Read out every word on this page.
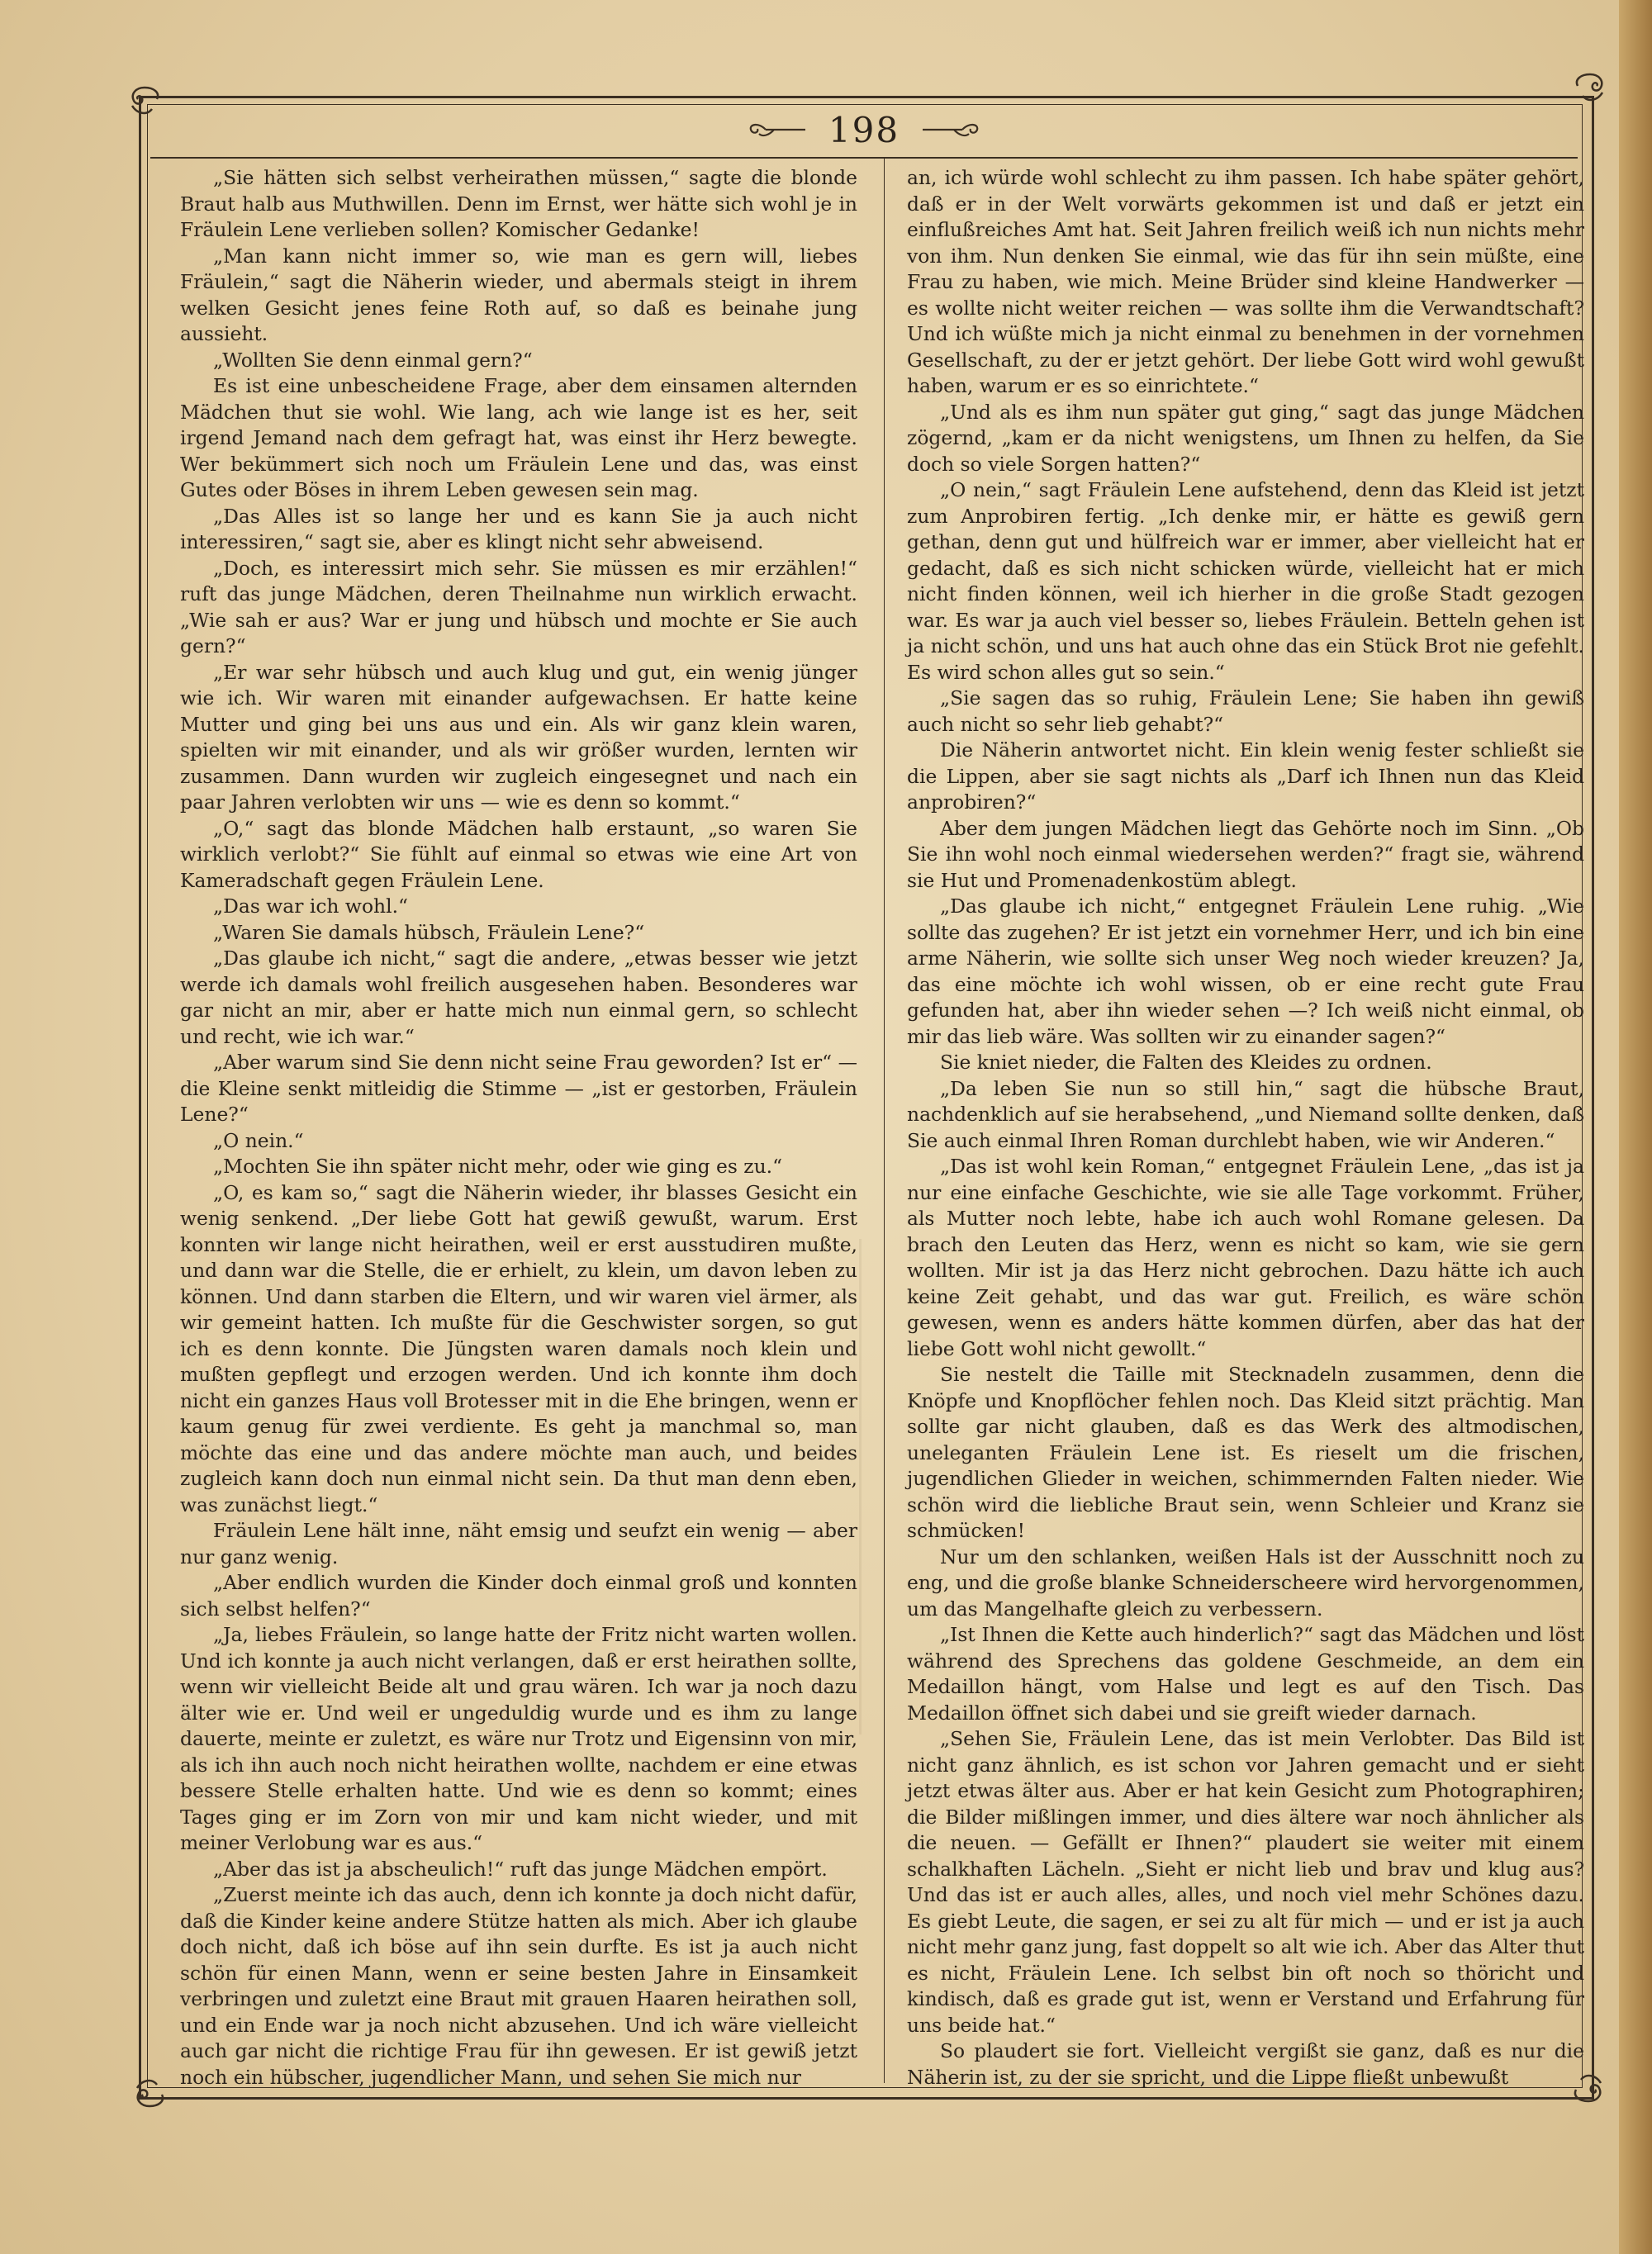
198

„Sie hätten sich selbst verheirathen müssen,“ sagte die blonde Braut halb aus Muthwillen. Denn im Ernst, wer hätte sich wohl je in Fräulein Lene verlieben sollen? Komischer Gedanke!

„Man kann nicht immer so, wie man es gern will, liebes Fräulein,“ sagt die Näherin wieder, und abermals steigt in ihrem welken Gesicht jenes feine Roth auf, so daß es beinahe jung aussieht.

„Wollten Sie denn einmal gern?“

Es ist eine unbescheidene Frage, aber dem einsamen alternden Mädchen thut sie wohl. Wie lang, ach wie lange ist es her, seit irgend Jemand nach dem gefragt hat, was einst ihr Herz bewegte. Wer bekümmert sich noch um Fräulein Lene und das, was einst Gutes oder Böses in ihrem Leben gewesen sein mag.

„Das Alles ist so lange her und es kann Sie ja auch nicht interessiren,“ sagt sie, aber es klingt nicht sehr abweisend.

„Doch, es interessirt mich sehr. Sie müssen es mir erzählen!“ ruft das junge Mädchen, deren Theilnahme nun wirklich erwacht. „Wie sah er aus? War er jung und hübsch und mochte er Sie auch gern?“

„Er war sehr hübsch und auch klug und gut, ein wenig jünger wie ich. Wir waren mit einander aufgewachsen. Er hatte keine Mutter und ging bei uns aus und ein. Als wir ganz klein waren, spielten wir mit einander, und als wir größer wurden, lernten wir zusammen. Dann wurden wir zugleich eingesegnet und nach ein paar Jahren verlobten wir uns — wie es denn so kommt.“

„O,“ sagt das blonde Mädchen halb erstaunt, „so waren Sie wirklich verlobt?“ Sie fühlt auf einmal so etwas wie eine Art von Kameradschaft gegen Fräulein Lene.

„Das war ich wohl.“

„Waren Sie damals hübsch, Fräulein Lene?“

„Das glaube ich nicht,“ sagt die andere, „etwas besser wie jetzt werde ich damals wohl freilich ausgesehen haben. Besonderes war gar nicht an mir, aber er hatte mich nun einmal gern, so schlecht und recht, wie ich war.“

„Aber warum sind Sie denn nicht seine Frau geworden? Ist er“ — die Kleine senkt mitleidig die Stimme — „ist er gestorben, Fräulein Lene?“

„O nein.“

„Mochten Sie ihn später nicht mehr, oder wie ging es zu.“

„O, es kam so,“ sagt die Näherin wieder, ihr blasses Gesicht ein wenig senkend. „Der liebe Gott hat gewiß gewußt, warum. Erst konnten wir lange nicht heirathen, weil er erst ausstudiren mußte, und dann war die Stelle, die er erhielt, zu klein, um davon leben zu können. Und dann starben die Eltern, und wir waren viel ärmer, als wir gemeint hatten. Ich mußte für die Geschwister sorgen, so gut ich es denn konnte. Die Jüngsten waren damals noch klein und mußten gepflegt und erzogen werden. Und ich konnte ihm doch nicht ein ganzes Haus voll Brotesser mit in die Ehe bringen, wenn er kaum genug für zwei verdiente. Es geht ja manchmal so, man möchte das eine und das andere möchte man auch, und beides zugleich kann doch nun einmal nicht sein. Da thut man denn eben, was zunächst liegt.“

Fräulein Lene hält inne, näht emsig und seufzt ein wenig — aber nur ganz wenig.

„Aber endlich wurden die Kinder doch einmal groß und konnten sich selbst helfen?“

„Ja, liebes Fräulein, so lange hatte der Fritz nicht warten wollen. Und ich konnte ja auch nicht verlangen, daß er erst heirathen sollte, wenn wir vielleicht Beide alt und grau wären. Ich war ja noch dazu älter wie er. Und weil er ungeduldig wurde und es ihm zu lange dauerte, meinte er zuletzt, es wäre nur Trotz und Eigensinn von mir, als ich ihn auch noch nicht heirathen wollte, nachdem er eine etwas bessere Stelle erhalten hatte. Und wie es denn so kommt; eines Tages ging er im Zorn von mir und kam nicht wieder, und mit meiner Verlobung war es aus.“

„Aber das ist ja abscheulich!“ ruft das junge Mädchen empört.

„Zuerst meinte ich das auch, denn ich konnte ja doch nicht dafür, daß die Kinder keine andere Stütze hatten als mich. Aber ich glaube doch nicht, daß ich böse auf ihn sein durfte. Es ist ja auch nicht schön für einen Mann, wenn er seine besten Jahre in Einsamkeit verbringen und zuletzt eine Braut mit grauen Haaren heirathen soll, und ein Ende war ja noch nicht abzusehen. Und ich wäre vielleicht auch gar nicht die richtige Frau für ihn gewesen. Er ist gewiß jetzt noch ein hübscher, jugendlicher Mann, und sehen Sie mich nur

an, ich würde wohl schlecht zu ihm passen. Ich habe später gehört, daß er in der Welt vorwärts gekommen ist und daß er jetzt ein einflußreiches Amt hat. Seit Jahren freilich weiß ich nun nichts mehr von ihm. Nun denken Sie einmal, wie das für ihn sein müßte, eine Frau zu haben, wie mich. Meine Brüder sind kleine Handwerker — es wollte nicht weiter reichen — was sollte ihm die Verwandtschaft? Und ich wüßte mich ja nicht einmal zu benehmen in der vornehmen Gesellschaft, zu der er jetzt gehört. Der liebe Gott wird wohl gewußt haben, warum er es so einrichtete.“

„Und als es ihm nun später gut ging,“ sagt das junge Mädchen zögernd, „kam er da nicht wenigstens, um Ihnen zu helfen, da Sie doch so viele Sorgen hatten?“

„O nein,“ sagt Fräulein Lene aufstehend, denn das Kleid ist jetzt zum Anprobiren fertig. „Ich denke mir, er hätte es gewiß gern gethan, denn gut und hülfreich war er immer, aber vielleicht hat er gedacht, daß es sich nicht schicken würde, vielleicht hat er mich nicht finden können, weil ich hierher in die große Stadt gezogen war. Es war ja auch viel besser so, liebes Fräulein. Betteln gehen ist ja nicht schön, und uns hat auch ohne das ein Stück Brot nie gefehlt. Es wird schon alles gut so sein.“

„Sie sagen das so ruhig, Fräulein Lene; Sie haben ihn gewiß auch nicht so sehr lieb gehabt?“

Die Näherin antwortet nicht. Ein klein wenig fester schließt sie die Lippen, aber sie sagt nichts als „Darf ich Ihnen nun das Kleid anprobiren?“

Aber dem jungen Mädchen liegt das Gehörte noch im Sinn. „Ob Sie ihn wohl noch einmal wiedersehen werden?“ fragt sie, während sie Hut und Promenadenkostüm ablegt.

„Das glaube ich nicht,“ entgegnet Fräulein Lene ruhig. „Wie sollte das zugehen? Er ist jetzt ein vornehmer Herr, und ich bin eine arme Näherin, wie sollte sich unser Weg noch wieder kreuzen? Ja, das eine möchte ich wohl wissen, ob er eine recht gute Frau gefunden hat, aber ihn wieder sehen —? Ich weiß nicht einmal, ob mir das lieb wäre. Was sollten wir zu einander sagen?“

Sie kniet nieder, die Falten des Kleides zu ordnen.

„Da leben Sie nun so still hin,“ sagt die hübsche Braut, nachdenklich auf sie herabsehend, „und Niemand sollte denken, daß Sie auch einmal Ihren Roman durchlebt haben, wie wir Anderen.“

„Das ist wohl kein Roman,“ entgegnet Fräulein Lene, „das ist ja nur eine einfache Geschichte, wie sie alle Tage vorkommt. Früher, als Mutter noch lebte, habe ich auch wohl Romane gelesen. Da brach den Leuten das Herz, wenn es nicht so kam, wie sie gern wollten. Mir ist ja das Herz nicht gebrochen. Dazu hätte ich auch keine Zeit gehabt, und das war gut. Freilich, es wäre schön gewesen, wenn es anders hätte kommen dürfen, aber das hat der liebe Gott wohl nicht gewollt.“

Sie nestelt die Taille mit Stecknadeln zusammen, denn die Knöpfe und Knopflöcher fehlen noch. Das Kleid sitzt prächtig. Man sollte gar nicht glauben, daß es das Werk des altmodischen, uneleganten Fräulein Lene ist. Es rieselt um die frischen, jugendlichen Glieder in weichen, schimmernden Falten nieder. Wie schön wird die liebliche Braut sein, wenn Schleier und Kranz sie schmücken!

Nur um den schlanken, weißen Hals ist der Ausschnitt noch zu eng, und die große blanke Schneiderscheere wird hervorgenommen, um das Mangelhafte gleich zu verbessern.

„Ist Ihnen die Kette auch hinderlich?“ sagt das Mädchen und löst während des Sprechens das goldene Geschmeide, an dem ein Medaillon hängt, vom Halse und legt es auf den Tisch. Das Medaillon öffnet sich dabei und sie greift wieder darnach.

„Sehen Sie, Fräulein Lene, das ist mein Verlobter. Das Bild ist nicht ganz ähnlich, es ist schon vor Jahren gemacht und er sieht jetzt etwas älter aus. Aber er hat kein Gesicht zum Photographiren; die Bilder mißlingen immer, und dies ältere war noch ähnlicher als die neuen. — Gefällt er Ihnen?“ plaudert sie weiter mit einem schalkhaften Lächeln. „Sieht er nicht lieb und brav und klug aus? Und das ist er auch alles, alles, und noch viel mehr Schönes dazu. Es giebt Leute, die sagen, er sei zu alt für mich — und er ist ja auch nicht mehr ganz jung, fast doppelt so alt wie ich. Aber das Alter thut es nicht, Fräulein Lene. Ich selbst bin oft noch so thöricht und kindisch, daß es grade gut ist, wenn er Verstand und Erfahrung für uns beide hat.“

So plaudert sie fort. Vielleicht vergißt sie ganz, daß es nur die Näherin ist, zu der sie spricht, und die Lippe fließt unbewußt
